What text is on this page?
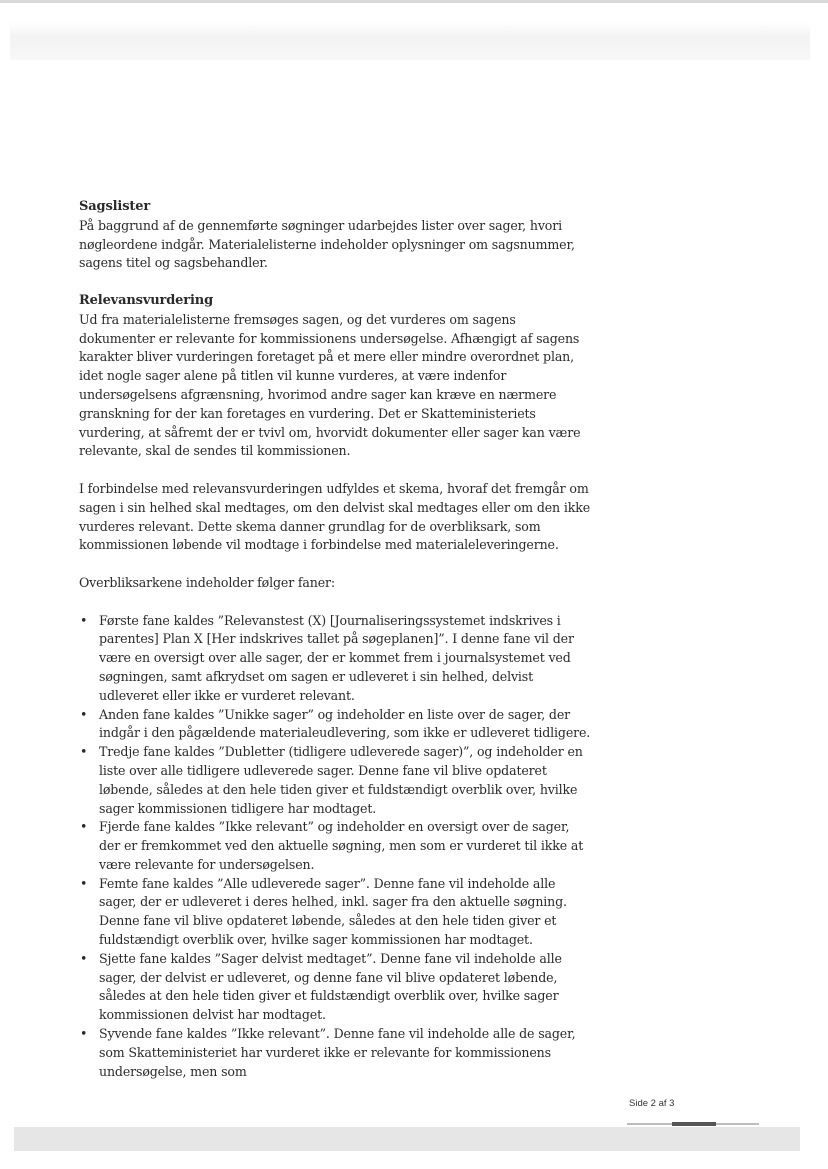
Sagslister

På baggrund af de gennemførte søgninger udarbejdes lister over sager, hvori nøgleordene indgår. Materialelisterne indeholder oplysninger om sagsnummer, sagens titel og sagsbehandler.

Relevansvurdering

Ud fra materialelisterne fremsøges sagen, og det vurderes om sagens dokumenter er relevante for kommissionens undersøgelse. Afhængigt af sagens karakter bliver vurderingen foretaget på et mere eller mindre overordnet plan, idet nogle sager alene på titlen vil kunne vurderes, at være indenfor undersøgelsens afgrænsning, hvorimod andre sager kan kræve en nærmere granskning for der kan foretages en vurdering. Det er Skatteministeriets vurdering, at såfremt der er tvivl om, hvorvidt dokumenter eller sager kan være relevante, skal de sendes til kommissionen.

I forbindelse med relevansvurderingen udfyldes et skema, hvoraf det fremgår om sagen i sin helhed skal medtages, om den delvist skal medtages eller om den ikke vurderes relevant. Dette skema danner grundlag for de overbliksark, som kommissionen løbende vil modtage i forbindelse med materialeleveringerne.

Overbliksarkene indeholder følger faner:

• Første fane kaldes ”Relevanstest (X) [Journaliseringssystemet indskrives i parentes] Plan X [Her indskrives tallet på søgeplanen]”. I denne fane vil der være en oversigt over alle sager, der er kommet frem i journalsystemet ved søgningen, samt afkrydset om sagen er udleveret i sin helhed, delvist udleveret eller ikke er vurderet relevant.
• Anden fane kaldes ”Unikke sager” og indeholder en liste over de sager, der indgår i den pågældende materialeudlevering, som ikke er udleveret tidligere.
• Tredje fane kaldes ”Dubletter (tidligere udleverede sager)”, og indeholder en liste over alle tidligere udleverede sager. Denne fane vil blive opdateret løbende, således at den hele tiden giver et fuldstændigt overblik over, hvilke sager kommissionen tidligere har modtaget.
• Fjerde fane kaldes ”Ikke relevant” og indeholder en oversigt over de sager, der er fremkommet ved den aktuelle søgning, men som er vurderet til ikke at være relevante for undersøgelsen.
• Femte fane kaldes ”Alle udleverede sager”. Denne fane vil indeholde alle sager, der er udleveret i deres helhed, inkl. sager fra den aktuelle søgning. Denne fane vil blive opdateret løbende, således at den hele tiden giver et fuldstændigt overblik over, hvilke sager kommissionen har modtaget.
• Sjette fane kaldes ”Sager delvist medtaget”. Denne fane vil indeholde alle sager, der delvist er udleveret, og denne fane vil blive opdateret løbende, således at den hele tiden giver et fuldstændigt overblik over, hvilke sager kommissionen delvist har modtaget.
• Syvende fane kaldes ”Ikke relevant”. Denne fane vil indeholde alle de sager, som Skatteministeriet har vurderet ikke er relevante for kommissionens undersøgelse, men som
Side 2 af 3
